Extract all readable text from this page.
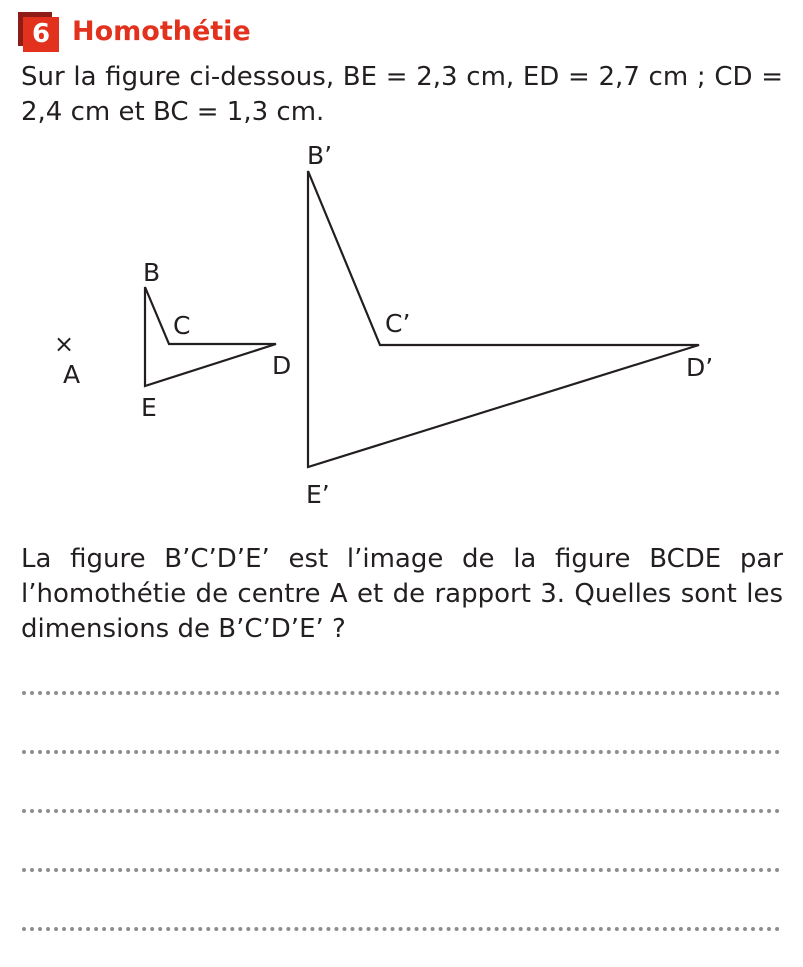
6 Homothétie

Sur la figure ci-dessous, BE = 2,3 cm, ED = 2,7 cm ; CD = 2,4 cm et BC = 1,3 cm.

×
A
B
C
D
E
B’
C’
D’
E’

La figure B’C’D’E’ est l’image de la figure BCDE par l’homothétie de centre A et de rapport 3. Quelles sont les dimensions de B’C’D’E’ ?
